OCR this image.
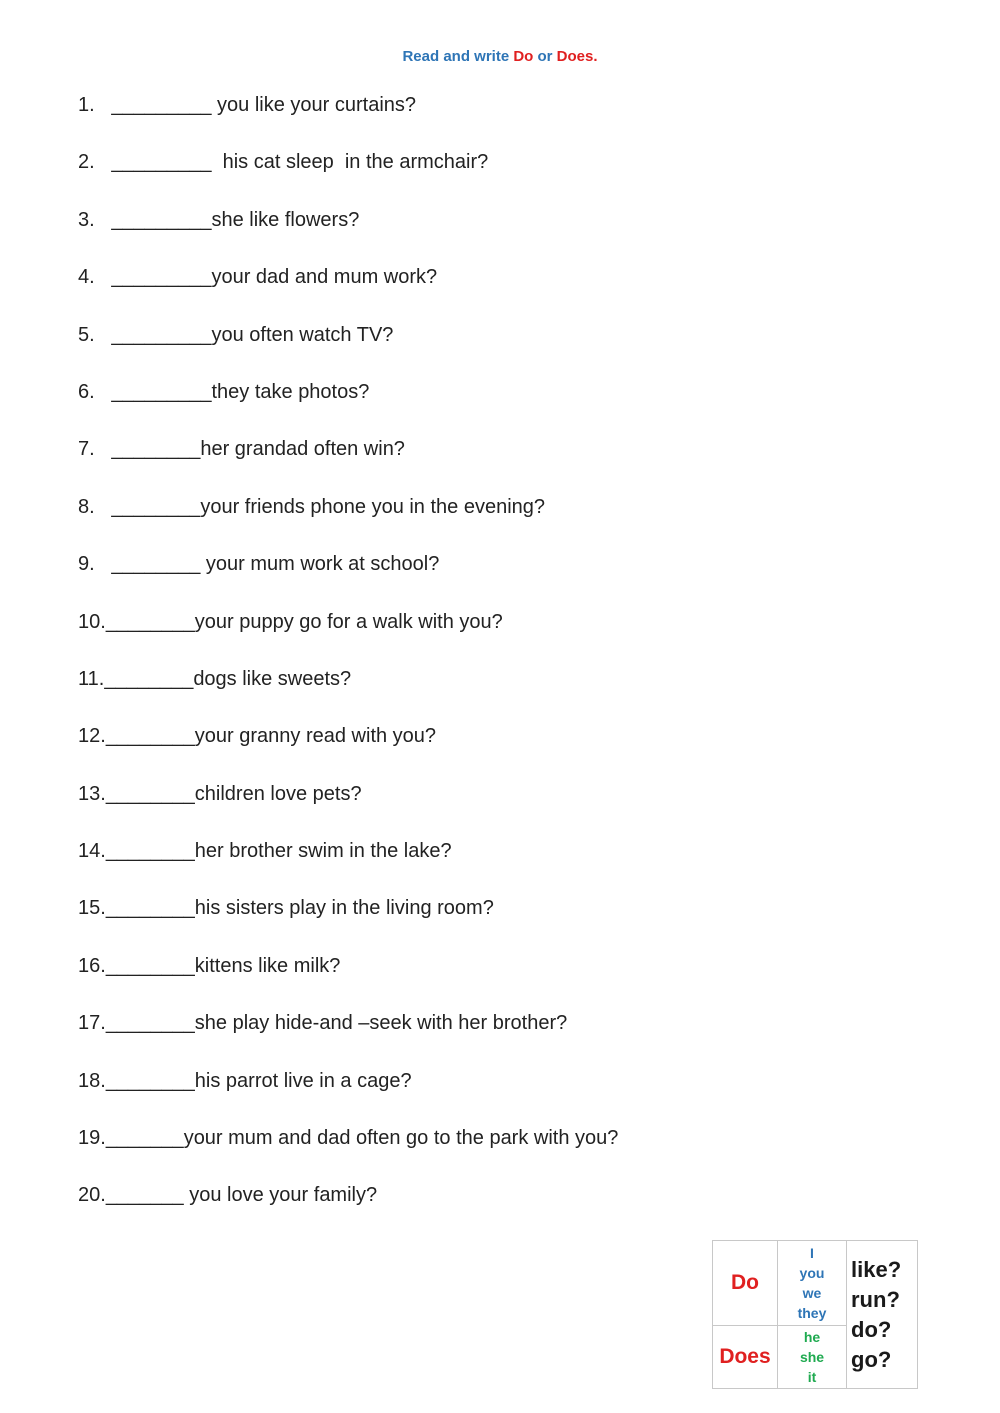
Read and write Do or Does.
1.   _________ you like your curtains?
2.   _________  his cat sleep  in the armchair?
3.   _________she like flowers?
4.   _________your dad and mum work?
5.   _________you often watch TV?
6.   _________they take photos?
7.   ________her grandad often win?
8.   ________your friends phone you in the evening?
9.   ________ your mum work at school?
10.________your puppy go for a walk with you?
11.________dogs like sweets?
12.________your granny read with you?
13.________children love pets?
14.________her brother swim in the lake?
15.________his sisters play in the living room?
16.________kittens like milk?
17.________she play hide-and –seek with her brother?
18.________his parrot live in a cage?
19._______your mum and dad often go to the park with you?
20._______ you love your family?
Do	I
you
we
they	like?
run?
do?
go?

Does	he
she
it	
